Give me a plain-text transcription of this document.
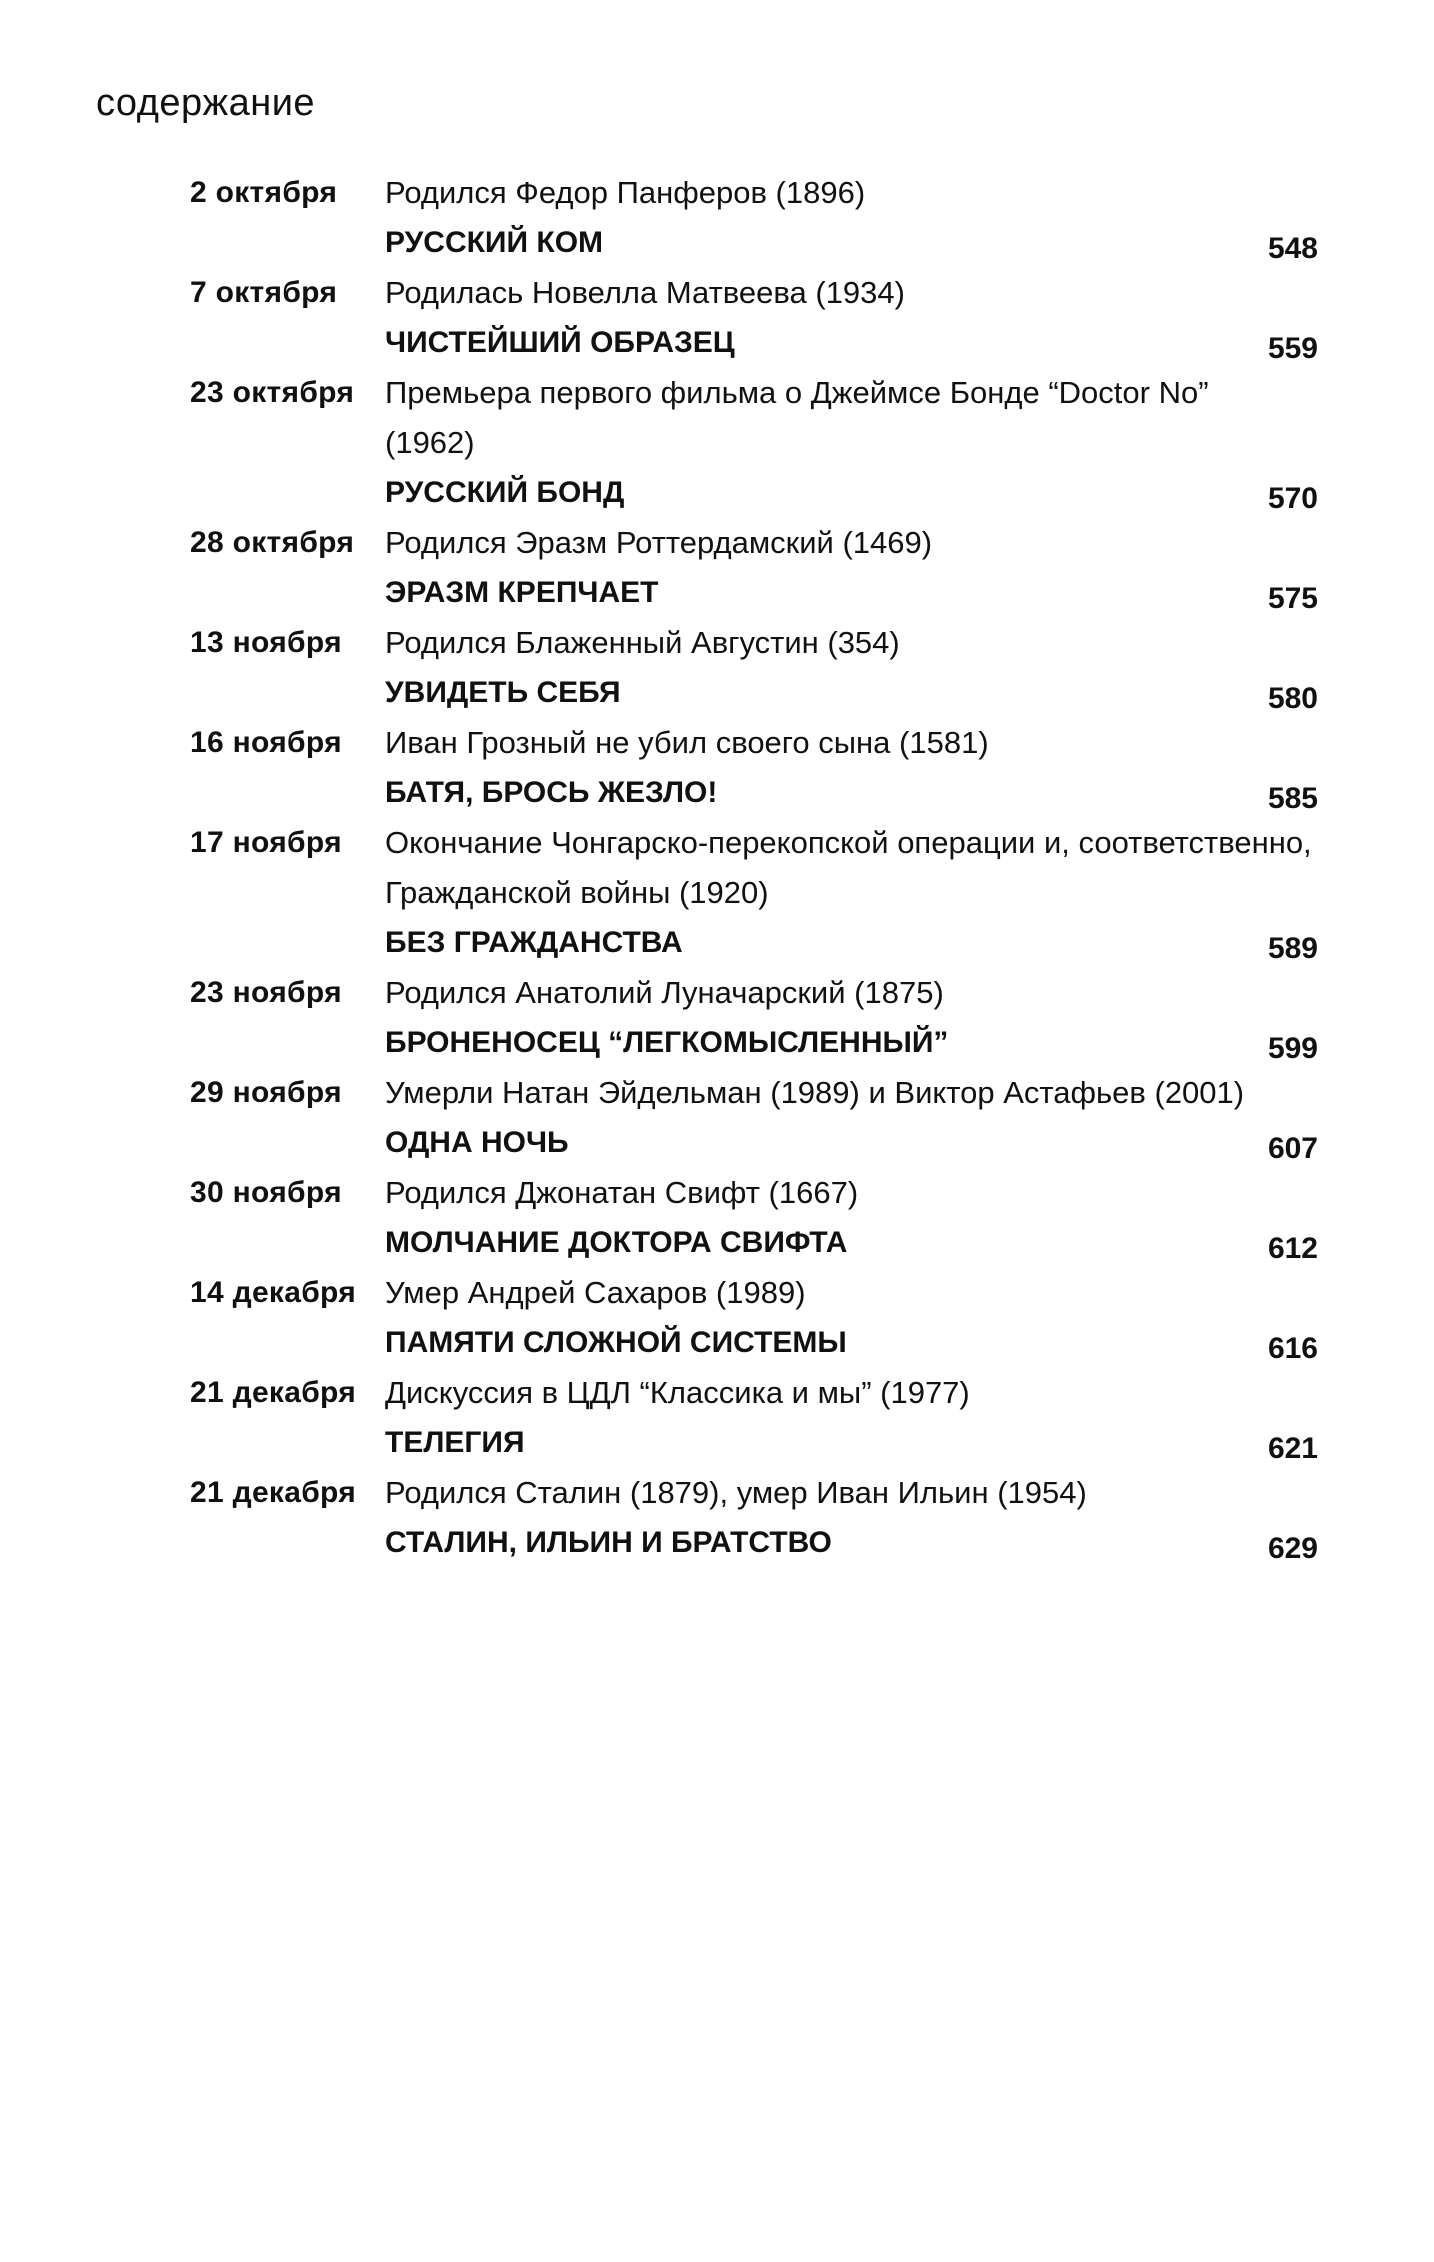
содержание
2 октября	Родился Федор Панферов (1896)
РУССКИЙ КОМ	548
7 октября	Родилась Новелла Матвеева (1934)
ЧИСТЕЙШИЙ ОБРАЗЕЦ	559
23 октября Премьера первого фильма о Джеймсе Бонде “Doctor No”
(1962)
РУССКИЙ БОНД	570
28 октября Родился Эразм Роттердамский (1469)
ЭРАЗМ КРЕПЧАЕТ	575
13 ноября	Родился Блаженный Августин (354)
УВИДЕТЬ СЕБЯ	580
16 ноября	Иван Грозный не убил своего сына (1581)
БАТЯ, БРОСЬ ЖЕЗЛО!	585
17 ноября	Окончание Чонгарско-перекопской операции и, соответственно,
Гражданской войны (1920)
БЕЗ ГРАЖДАНСТВА	589
23 ноября	Родился Анатолий Луначарский (1875)
БРОНЕНОСЕЦ “ЛЕГКОМЫСЛЕННЫЙ”	599
29 ноября	Умерли Натан Эйдельман (1989) и Виктор Астафьев (2001)
ОДНА НОЧЬ	607
30 ноября	Родился Джонатан Свифт (1667)
МОЛЧАНИЕ ДОКТОРА СВИФТА	612
14 декабря Умер Андрей Сахаров (1989)
ПАМЯТИ СЛОЖНОЙ СИСТЕМЫ	616
21 декабря Дискуссия в ЦДЛ “Классика и мы” (1977)
ТЕЛЕГИЯ	621
21 декабря Родился Сталин (1879), умер Иван Ильин (1954)
СТАЛИН, ИЛЬИН И БРАТСТВО	629
